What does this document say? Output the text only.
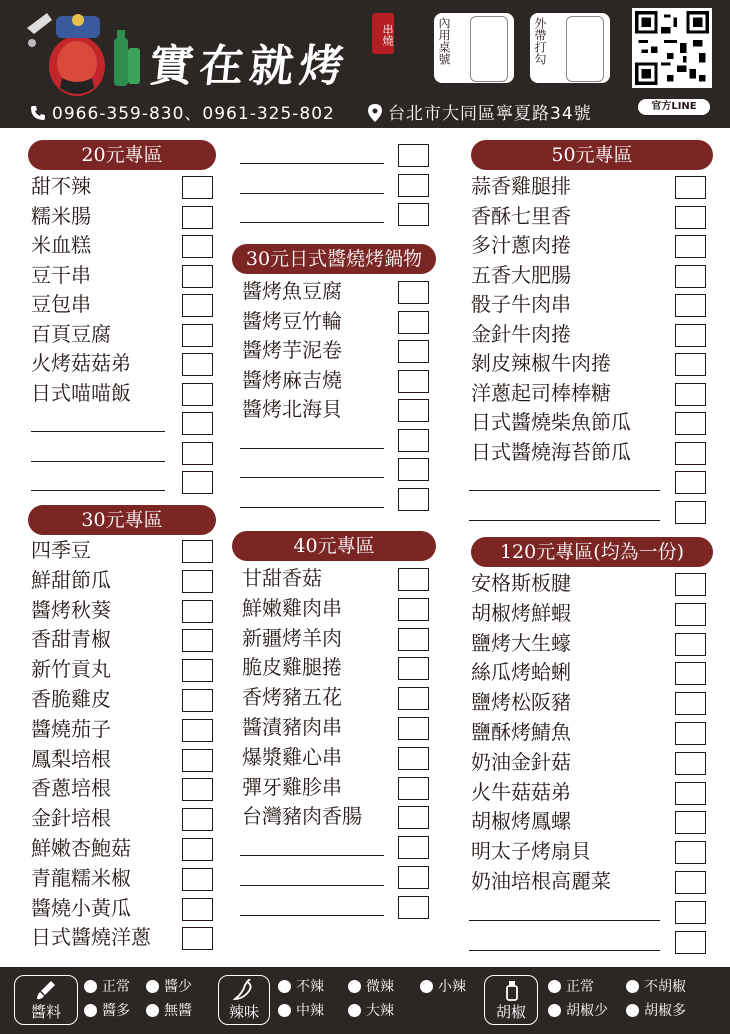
實在就烤
串燒	內用桌號	外帶打勾
官方LINE
0966-359-830、0961-325-802	台北市大同區寧夏路34號
醬料	辣味	胡椒
正常	醬少
醬多	無醬
不辣	微辣	小辣
中辣	大辣
正常	不胡椒
胡椒少	胡椒多
20元專區
甜不辣
糯米腸
米血糕
豆干串
豆包串
百頁豆腐
火烤菇菇弟
日式喵喵飯
30元專區
四季豆
鮮甜節瓜
醬烤秋葵
香甜青椒
新竹貢丸
香脆雞皮
醬燒茄子
鳳梨培根
香蔥培根
金針培根
鮮嫩杏鮑菇
青龍糯米椒
醬燒小黃瓜
日式醬燒洋蔥
30元日式醬燒烤鍋物
醬烤魚豆腐
醬烤豆竹輪
醬烤芋泥卷
醬烤麻吉燒
醬烤北海貝
40元專區
甘甜香菇
鮮嫩雞肉串
新疆烤羊肉
脆皮雞腿捲
香烤豬五花
醬漬豬肉串
爆漿雞心串
彈牙雞胗串
台灣豬肉香腸
50元專區
蒜香雞腿排
香酥七里香
多汁蔥肉捲
五香大肥腸
骰子牛肉串
金針牛肉捲
剝皮辣椒牛肉捲
洋蔥起司棒棒糖
日式醬燒柴魚節瓜
日式醬燒海苔節瓜
120元專區(均為一份)
安格斯板腱
胡椒烤鮮蝦
鹽烤大生蠔
絲瓜烤蛤蜊
鹽烤松阪豬
鹽酥烤鯖魚
奶油金針菇
火牛菇菇弟
胡椒烤鳳螺
明太子烤扇貝
奶油培根高麗菜
